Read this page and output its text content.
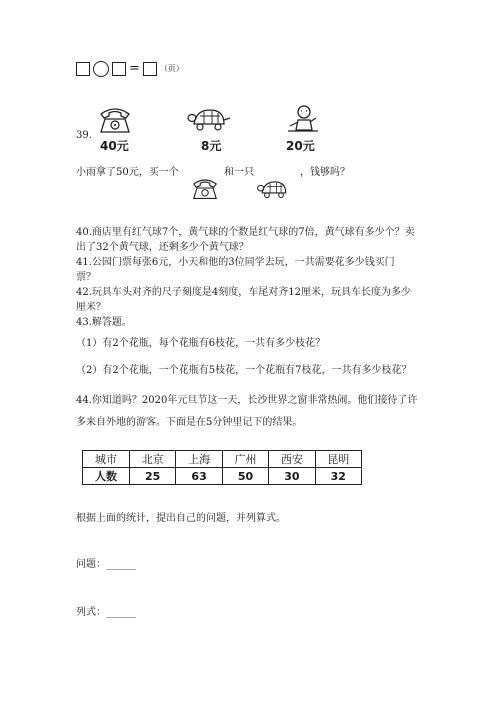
=	（页）
39.
40元	8元	20元
小雨拿了50元，买一个	和一只	，钱够吗？
40.商店里有红气球7个，黄气球的个数是红气球的7倍，黄气球有多少个？卖
出了32个黄气球，还剩多少个黄气球？
41.公园门票每张6元，小天和他的3位同学去玩，一共需要花多少钱买门
票？
42.玩具车头对齐的尺子刻度是4刻度，车尾对齐12厘米，玩具车长度为多少
厘米？
43.解答题。
（1）有2个花瓶，每个花瓶有6枝花，一共有多少枝花？
（2）有2个花瓶，一个花瓶有5枝花，一个花瓶有7枝花，一共有多少枝花？
44.你知道吗？2020年元旦节这一天，长沙世界之窗非常热闹。他们接待了许
多来自外地的游客。下面是在5分钟里记下的结果。
城市	北京	上海	广州	西安	昆明
人数	25	63	50	30	32
根据上面的统计，提出自己的问题，并列算式。
问题：______
列式：______
